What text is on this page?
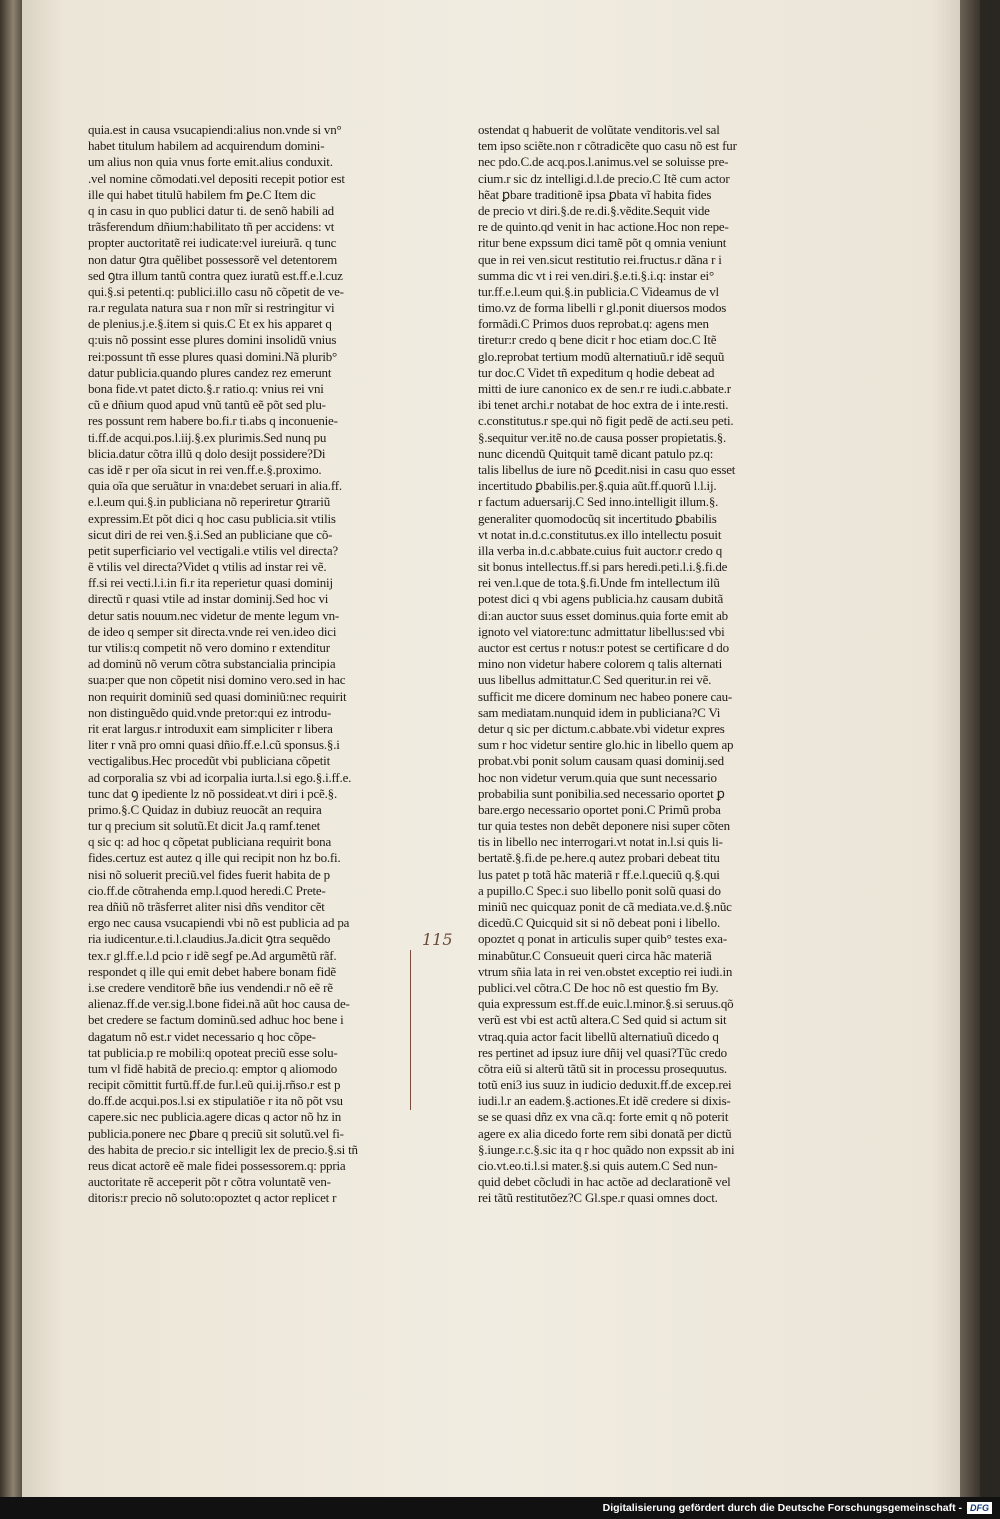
quia.est in causa vsucapiendi:alius non.vnde si vn°
habet titulum habilem ad acquirendum domini-
um alius non quia vnus forte emit.alius conduxit.
.vel nomine cõmodati.vel depositi recepit potior est
ille qui habet titulũ habilem fm ꝑe.C Item dic
q in casu in quo publici datur ti. de senõ habili ad
trãsferendum dñium:habilitato tñ per accidens: vt
propter auctoritatẽ rei iudicate:vel iureiurã. q tunc
non datur ꝯtra quẽlibet possessorẽ vel detentorem
sed ꝯtra illum tantũ contra quez iuratũ est.ff.e.l.cuz
qui.§.si petenti.q: publici.illo casu nõ cõpetit de ve-
ra.r regulata natura sua r non mĩr si restringitur vi
de plenius.j.e.§.item si quis.C Et ex his apparet q
q:uis nõ possint esse plures domini insolidũ vnius
rei:possunt tñ esse plures quasi domini.Nã plurib°
datur publicia.quando plures candez rez emerunt
bona fide.vt patet dicto.§.r ratio.q: vnius rei vni
cũ e dñium quod apud vnũ tantũ eẽ põt sed plu-
res possunt rem habere bo.fi.r ti.abs q inconuenie-
ti.ff.de acqui.pos.l.iij.§.ex plurimis.Sed nunq pu
blicia.datur cõtra illũ q dolo desijt possidere?Di
cas idẽ r per oĩa sicut in rei ven.ff.e.§.proximo.
quia oĩa que seruãtur in vna:debet seruari in alia.ff.
e.l.eum qui.§.in publiciana nõ reperiretur ꝯtrariũ
expressim.Et põt dici q hoc casu publicia.sit vtilis
sicut diri de rei ven.§.i.Sed an publiciane que cõ-
petit superficiario vel vectigali.e vtilis vel directa?
ẽ vtilis vel directa?Videt q vtilis ad instar rei vẽ.
ff.si rei vecti.l.i.in fi.r ita reperietur quasi dominij
directũ r quasi vtile ad instar dominij.Sed hoc vi
detur satis nouum.nec videtur de mente legum vn-
de ideo q semper sit directa.vnde rei ven.ideo dici
tur vtilis:q competit nõ vero domino r extenditur
ad dominũ nõ verum cõtra substancialia principia
sua:per que non cõpetit nisi domino vero.sed in hac
non requirit dominiũ sed quasi dominiũ:nec requirit
non distinguẽdo quid.vnde pretor:qui ez introdu-
rit erat largus.r introduxit eam simpliciter r libera
liter r vnã pro omni quasi dñio.ff.e.l.cũ sponsus.§.i
vectigalibus.Hec procedũt vbi publiciana cõpetit
ad corporalia sz vbi ad icorpalia iurta.l.si ego.§.i.ff.e.
tunc dat ꝯ ipediente lz nõ possideat.vt diri i pcẽ.§.
primo.§.C Quidaz in dubiuz reuocãt an requira
tur q precium sit solutũ.Et dicit Ja.q ramf.tenet
q sic q: ad hoc q cõpetat publiciana requirit bona
fides.certuz est autez q ille qui recipit non hz bo.fi.
nisi nõ soluerit preciũ.vel fides fuerit habita de p
cio.ff.de cõtrahenda emp.l.quod heredi.C Prete-
rea dñiũ nõ trãsferret aliter nisi dñs venditor cẽt
ergo nec causa vsucapiendi vbi nõ est publicia ad pa
ria iudicentur.e.ti.l.claudius.Ja.dicit ꝯtra sequẽdo
tex.r gl.ff.e.l.d pcio r idẽ segf pe.Ad argumẽtũ rãf.
respondet q ille qui emit debet habere bonam fidẽ
i.se credere venditorẽ bñe ius vendendi.r nõ eẽ rẽ
alienaz.ff.de ver.sig.l.bone fidei.nã aũt hoc causa de-
bet credere se factum dominũ.sed adhuc hoc bene i
dagatum nõ est.r videt necessario q hoc cõpe-
tat publicia.p re mobili:q opoteat preciũ esse solu-
tum vl fidẽ habitã de precio.q: emptor q aliomodo
recipit cõmittit furtũ.ff.de fur.l.eũ qui.ij.rñso.r est p
do.ff.de acqui.pos.l.si ex stipulatiõe r ita nõ põt vsu
capere.sic nec publicia.agere dicas q actor nõ hz in
publicia.ponere nec ꝑbare q preciũ sit solutũ.vel fi-
des habita de precio.r sic intelligit lex de precio.§.si tñ
reus dicat actorẽ eẽ male fidei possessorem.q: ppria
auctoritate rẽ acceperit põt r cõtra voluntatẽ ven-
ditoris:r precio nõ soluto:opoztet q actor replicet r
ostendat q habuerit de volũtate venditoris.vel sal
tem ipso sciẽte.non r cõtradicẽte quo casu nõ est fur
nec pdo.C.de acq.pos.l.animus.vel se soluisse pre-
cium.r sic dz intelligi.d.l.de precio.C Itẽ cum actor
hẽat ꝑbare traditionẽ ipsa ꝑbata vĩ habita fides
de precio vt diri.§.de re.di.§.vẽdite.Sequit vide
re de quinto.qd venit in hac actione.Hoc non repe-
ritur bene expssum dici tamẽ põt q omnia veniunt
que in rei ven.sicut restitutio rei.fructus.r dãna r i
summa dic vt i rei ven.diri.§.e.ti.§.i.q: instar ei°
tur.ff.e.l.eum qui.§.in publicia.C Videamus de vl
timo.vz de forma libelli r gl.ponit diuersos modos
formãdi.C Primos duos reprobat.q: agens men
tiretur:r credo q bene dicit r hoc etiam doc.C Itẽ
glo.reprobat tertium modũ alternatiuũ.r idẽ sequũ
tur doc.C Videt tñ expeditum q hodie debeat ad
mitti de iure canonico ex de sen.r re iudi.c.abbate.r
ibi tenet archi.r notabat de hoc extra de i inte.resti.
c.constitutus.r spe.qui nõ figit pedẽ de acti.seu peti.
§.sequitur ver.itẽ no.de causa posser propietatis.§.
nunc dicendũ Quitquit tamẽ dicant patulo pz.q:
talis libellus de iure nõ ꝑcedit.nisi in casu quo esset
incertitudo ꝑbabilis.per.§.quia aũt.ff.quorũ l.l.ij.
r factum aduersarij.C Sed inno.intelligit illum.§.
generaliter quomodocũq sit incertitudo ꝑbabilis
vt notat in.d.c.constitutus.ex illo intellectu posuit
illa verba in.d.c.abbate.cuius fuit auctor.r credo q
sit bonus intellectus.ff.si pars heredi.peti.l.i.§.fi.de
rei ven.l.que de tota.§.fi.Unde fm intellectum ilũ
potest dici q vbi agens publicia.hz causam dubitã
di:an auctor suus esset dominus.quia forte emit ab
ignoto vel viatore:tunc admittatur libellus:sed vbi
auctor est certus r notus:r potest se certificare d do
mino non videtur habere colorem q talis alternati
uus libellus admittatur.C Sed queritur.in rei vẽ.
sufficit me dicere dominum nec habeo ponere cau-
sam mediatam.nunquid idem in publiciana?C Vi
detur q sic per dictum.c.abbate.vbi videtur expres
sum r hoc videtur sentire glo.hic in libello quem ap
probat.vbi ponit solum causam quasi dominij.sed
hoc non videtur verum.quia que sunt necessario
probabilia sunt ponibilia.sed necessario oportet ꝑ
bare.ergo necessario oportet poni.C Primũ proba
tur quia testes non debẽt deponere nisi super cõten
tis in libello nec interrogari.vt notat in.l.si quis li-
bertatẽ.§.fi.de pe.here.q autez probari debeat titu
lus patet p totã hãc materiã r ff.e.l.queciũ q.§.qui
a pupillo.C Spec.i suo libello ponit solũ quasi do
miniũ nec quicquaz ponit de cã mediata.ve.d.§.nũc
dicedũ.C Quicquid sit si nõ debeat poni i libello.
opoztet q ponat in articulis super quib° testes exa-
minabũtur.C Consueuit queri circa hãc materiã
vtrum sñia lata in rei ven.obstet exceptio rei iudi.in
publici.vel cõtra.C De hoc nõ est questio fm By.
quia expressum est.ff.de euic.l.minor.§.si seruus.qõ
verũ est vbi est actũ altera.C Sed quid si actum sit
vtraq.quia actor facit libellũ alternatiuũ dicedo q
res pertinet ad ipsuz iure dñij vel quasi?Tũc credo
cõtra eiũ si alterũ tãtũ sit in processu prosequutus.
totũ eni3 ius suuz in iudicio deduxit.ff.de excep.rei
iudi.l.r an eadem.§.actiones.Et idẽ credere si dixis-
se se quasi dñz ex vna cã.q: forte emit q nõ poterit
agere ex alia dicedo forte rem sibi donatã per dictũ
§.iunge.r.c.§.sic ita q r hoc quãdo non expssit ab ini
cio.vt.eo.ti.l.si mater.§.si quis autem.C Sed nun-
quid debet cõcludi in hac actõe ad declarationẽ vel
rei tãtũ restitutõez?C Gl.spe.r quasi omnes doct.
115
Digitalisierung gefördert durch die Deutsche Forschungsgemeinschaft - DFG
